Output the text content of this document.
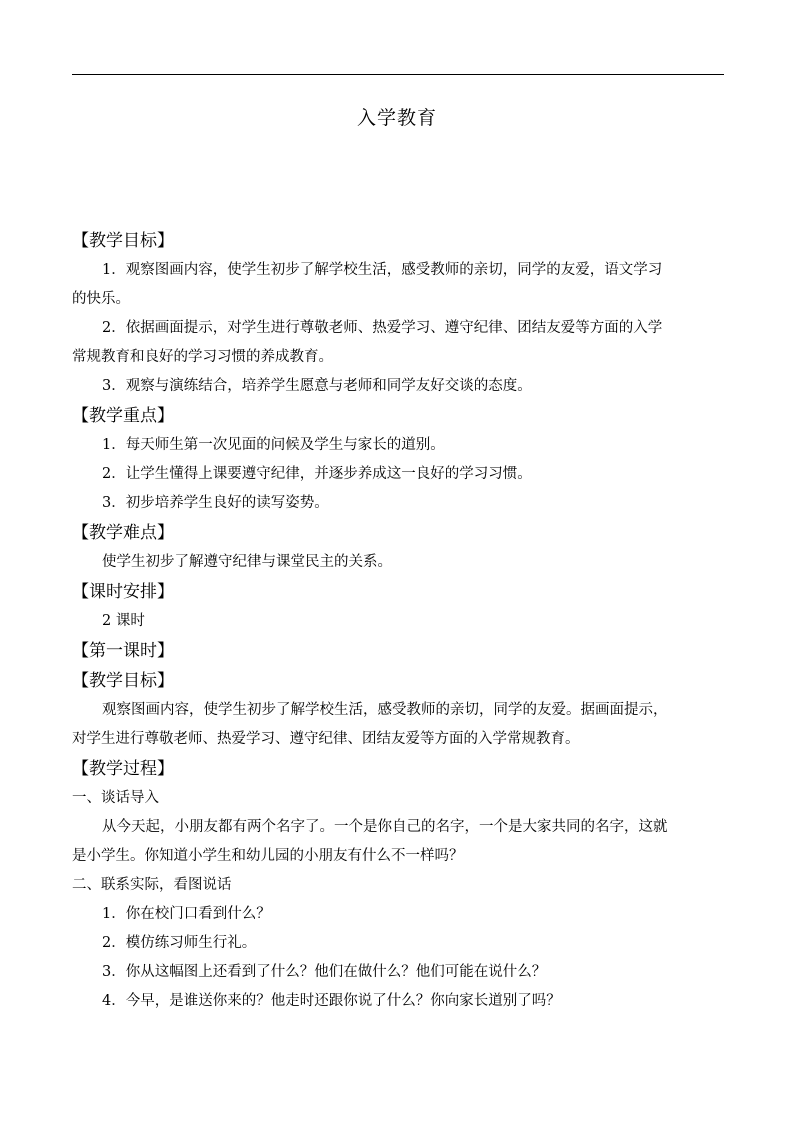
入学教育
【教学目标】
1．观察图画内容，使学生初步了解学校生活，感受教师的亲切，同学的友爱，语文学习
的快乐。
2．依据画面提示，对学生进行尊敬老师、热爱学习、遵守纪律、团结友爱等方面的入学
常规教育和良好的学习习惯的养成教育。
3．观察与演练结合，培养学生愿意与老师和同学友好交谈的态度。
【教学重点】
1．每天师生第一次见面的问候及学生与家长的道别。
2．让学生懂得上课要遵守纪律，并逐步养成这一良好的学习习惯。
3．初步培养学生良好的读写姿势。
【教学难点】
使学生初步了解遵守纪律与课堂民主的关系。
【课时安排】
2 课时
【第一课时】
【教学目标】
观察图画内容，使学生初步了解学校生活，感受教师的亲切，同学的友爱。据画面提示，
对学生进行尊敬老师、热爱学习、遵守纪律、团结友爱等方面的入学常规教育。
【教学过程】
一、谈话导入
从今天起，小朋友都有两个名字了。一个是你自己的名字，一个是大家共同的名字，这就
是小学生。你知道小学生和幼儿园的小朋友有什么不一样吗？
二、联系实际，看图说话
1．你在校门口看到什么？
2．模仿练习师生行礼。
3．你从这幅图上还看到了什么？他们在做什么？他们可能在说什么？
4．今早，是谁送你来的？他走时还跟你说了什么？你向家长道别了吗？
